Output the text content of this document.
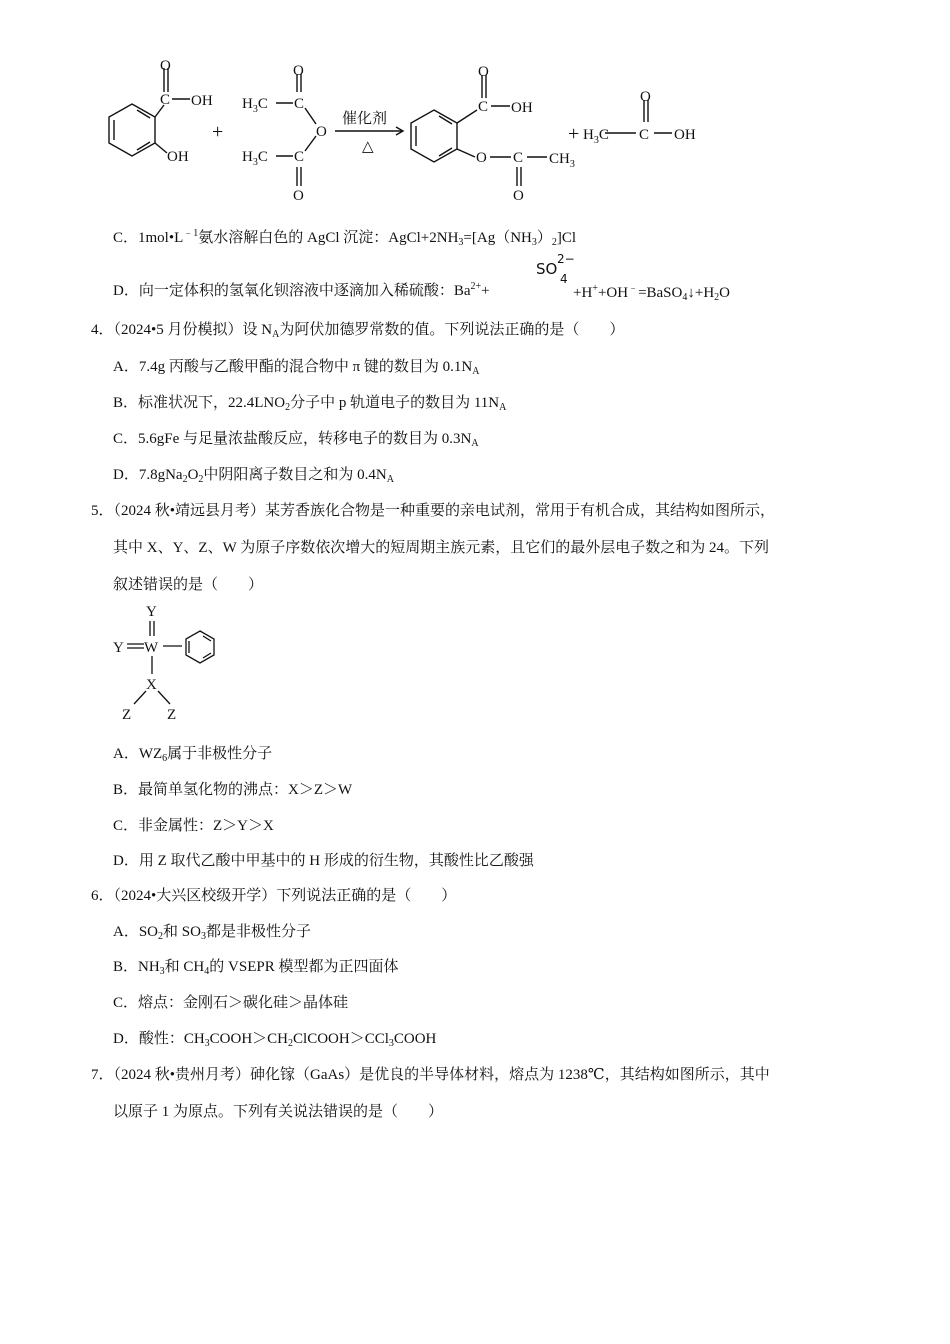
O
C OH
OH
+
O
$H_3C$ C
O
$H_3C$ C
O
催化剂
△
O
C OH
O C $CH_3$
O
+ $H_3C$ C
O
OH
C．$1mol•L^{﹣1}$氨水溶解白色的 AgCl 沉淀：$AgCl+2NH_3=[Ag(NH_3)_2]Cl$
D．向一定体积的氢氧化钡溶液中逐滴加入稀硫酸：$Ba^{2+}+$
SO
2−
4
$+H^++OH^﹣=BaSO_4↓+H_2O$
4．（2024•5 月份模拟）设 $N_A$为阿伏加德罗常数的值。下列说法正确的是（　　）
A．7.4g 丙酸与乙酸甲酯的混合物中 π 键的数目为 $0.1N_A$
B．标准状况下，$22.4LNO_2$分子中 p 轨道电子的数目为 $11N_A$
C．5.6gFe 与足量浓盐酸反应，转移电子的数目为 $0.3N_A$
D．$7.8gNa_2O_2$中阴阳离子数目之和为 $0.4N_A$
5．（2024 秋•靖远县月考）某芳香族化合物是一种重要的亲电试剂，常用于有机合成，其结构如图所示，
其中 X、Y、Z、W 为原子序数依次增大的短周期主族元素，且它们的最外层电子数之和为 24。下列
叙述错误的是（　　）
Y
Y W
X
Z Z
A．$WZ_6$属于非极性分子
B．最简单氢化物的沸点：X＞Z＞W
C．非金属性：Z＞Y＞X
D．用 Z 取代乙酸中甲基中的 H 形成的衍生物，其酸性比乙酸强
6．（2024•大兴区校级开学）下列说法正确的是（　　）
A．$SO_2$和 $SO_3$都是非极性分子
B．$NH_3$和 $CH_4$的 VSEPR 模型都为正四面体
C．熔点：金刚石＞碳化硅＞晶体硅
D．酸性：$CH_3COOH>CH_2ClCOOH>CCl_3COOH$
7．（2024 秋•贵州月考）砷化镓（GaAs）是优良的半导体材料，熔点为 1238℃，其结构如图所示，其中
以原子 1 为原点。下列有关说法错误的是（　　）
